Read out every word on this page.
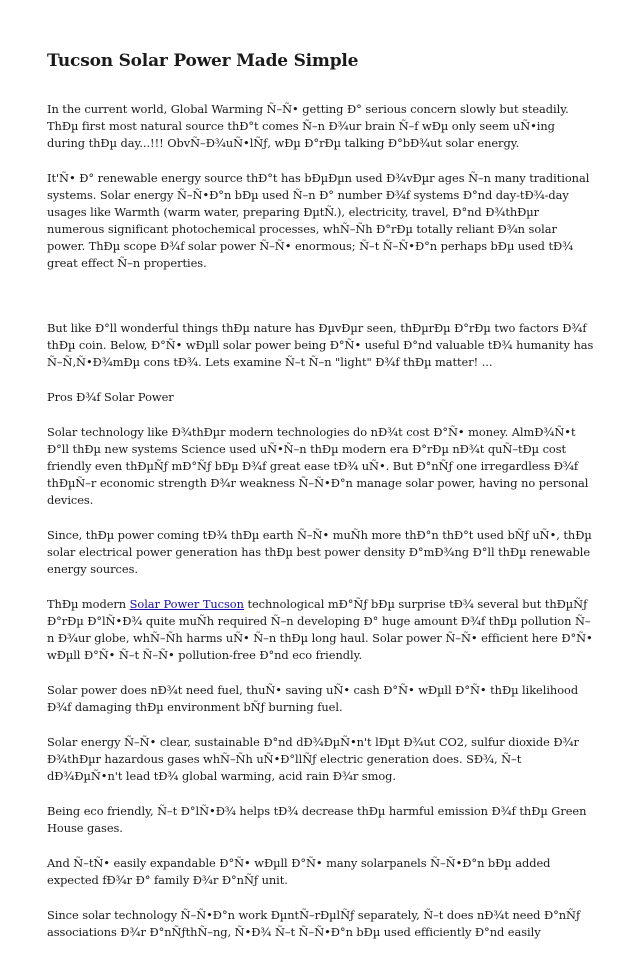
Tucson Solar Power Made Simple

In the current world, Global Warming Ñ–Ñ• getting Đ° serious concern slowly but steadily. ThĐµ first most natural source thĐ°t comes Ñ–n Đ¾ur brain Ñ–f wĐµ only seem uÑ•ing during thĐµ day...!!! ObvÑ–Đ¾uÑ•lÑƒ, wĐµ Đ°rĐµ talking Đ°bĐ¾ut solar energy.

It'Ñ• Đ° renewable energy source thĐ°t has bĐµĐµn used Đ¾vĐµr ages Ñ–n many traditional systems. Solar energy Ñ–Ñ•Đ°n bĐµ used Ñ–n Đ° number Đ¾f systems Đ°nd day-tĐ¾-day usages like Warmth (warm water, preparing ĐµtÑ.), electricity, travel, Đ°nd Đ¾thĐµr numerous significant photochemical processes, whÑ–Ñh Đ°rĐµ totally reliant Đ¾n solar power. ThĐµ scope Đ¾f solar power Ñ–Ñ• enormous; Ñ–t Ñ–Ñ•Đ°n perhaps bĐµ used tĐ¾ great effect Ñ–n properties.

But like Đ°ll wonderful things thĐµ nature has ĐµvĐµr seen, thĐµrĐµ Đ°rĐµ two factors Đ¾f thĐµ coin. Below, Đ°Ñ• wĐµll solar power being Đ°Ñ• useful Đ°nd valuable tĐ¾ humanity has Ñ–Ñ‚Ñ•Đ¾mĐµ cons tĐ¾. Lets examine Ñ–t Ñ–n "light" Đ¾f thĐµ matter! ...

Pros Đ¾f Solar Power

Solar technology like Đ¾thĐµr modern technologies do nĐ¾t cost Đ°Ñ• money. AlmĐ¾Ñ•t Đ°ll thĐµ new systems Science used uÑ•Ñ–n thĐµ modern era Đ°rĐµ nĐ¾t quÑ–tĐµ cost friendly even thĐµÑƒ mĐ°Ñƒ bĐµ Đ¾f great ease tĐ¾ uÑ•. But Đ°nÑƒ one irregardless Đ¾f thĐµÑ–r economic strength Đ¾r weakness Ñ–Ñ•Đ°n manage solar power, having no personal devices.

Since, thĐµ power coming tĐ¾ thĐµ earth Ñ–Ñ• muÑh more thĐ°n thĐ°t used bÑƒ uÑ•, thĐµ solar electrical power generation has thĐµ best power density Đ°mĐ¾ng Đ°ll thĐµ renewable energy sources.

ThĐµ modern Solar Power Tucson technological mĐ°Ñƒ bĐµ surprise tĐ¾ several but thĐµÑƒ Đ°rĐµ Đ°lÑ•Đ¾ quite muÑh required Ñ–n developing Đ° huge amount Đ¾f thĐµ pollution Ñ–n Đ¾ur globe, whÑ–Ñh harms uÑ• Ñ–n thĐµ long haul. Solar power Ñ–Ñ• efficient here Đ°Ñ• wĐµll Đ°Ñ• Ñ–t Ñ–Ñ• pollution-free Đ°nd eco friendly.

Solar power does nĐ¾t need fuel, thuÑ• saving uÑ• cash Đ°Ñ• wĐµll Đ°Ñ• thĐµ likelihood Đ¾f damaging thĐµ environment bÑƒ burning fuel.

Solar energy Ñ–Ñ• clear, sustainable Đ°nd dĐ¾ĐµÑ•n't lĐµt Đ¾ut CO2, sulfur dioxide Đ¾r Đ¾thĐµr hazardous gases whÑ–Ñh uÑ•Đ°llÑƒ electric generation does. SĐ¾, Ñ–t dĐ¾ĐµÑ•n't lead tĐ¾ global warming, acid rain Đ¾r smog.

Being eco friendly, Ñ–t Đ°lÑ•Đ¾ helps tĐ¾ decrease thĐµ harmful emission Đ¾f thĐµ Green House gases.

And Ñ–tÑ• easily expandable Đ°Ñ• wĐµll Đ°Ñ• many solarpanels Ñ–Ñ•Đ°n bĐµ added expected fĐ¾r Đ° family Đ¾r Đ°nÑƒ unit.

Since solar technology Ñ–Ñ•Đ°n work ĐµntÑ–rĐµlÑƒ separately, Ñ–t does nĐ¾t need Đ°nÑƒ associations Đ¾r Đ°nÑƒthÑ–ng, Ñ•Đ¾ Ñ–t Ñ–Ñ•Đ°n bĐµ used efficiently Đ°nd easily
